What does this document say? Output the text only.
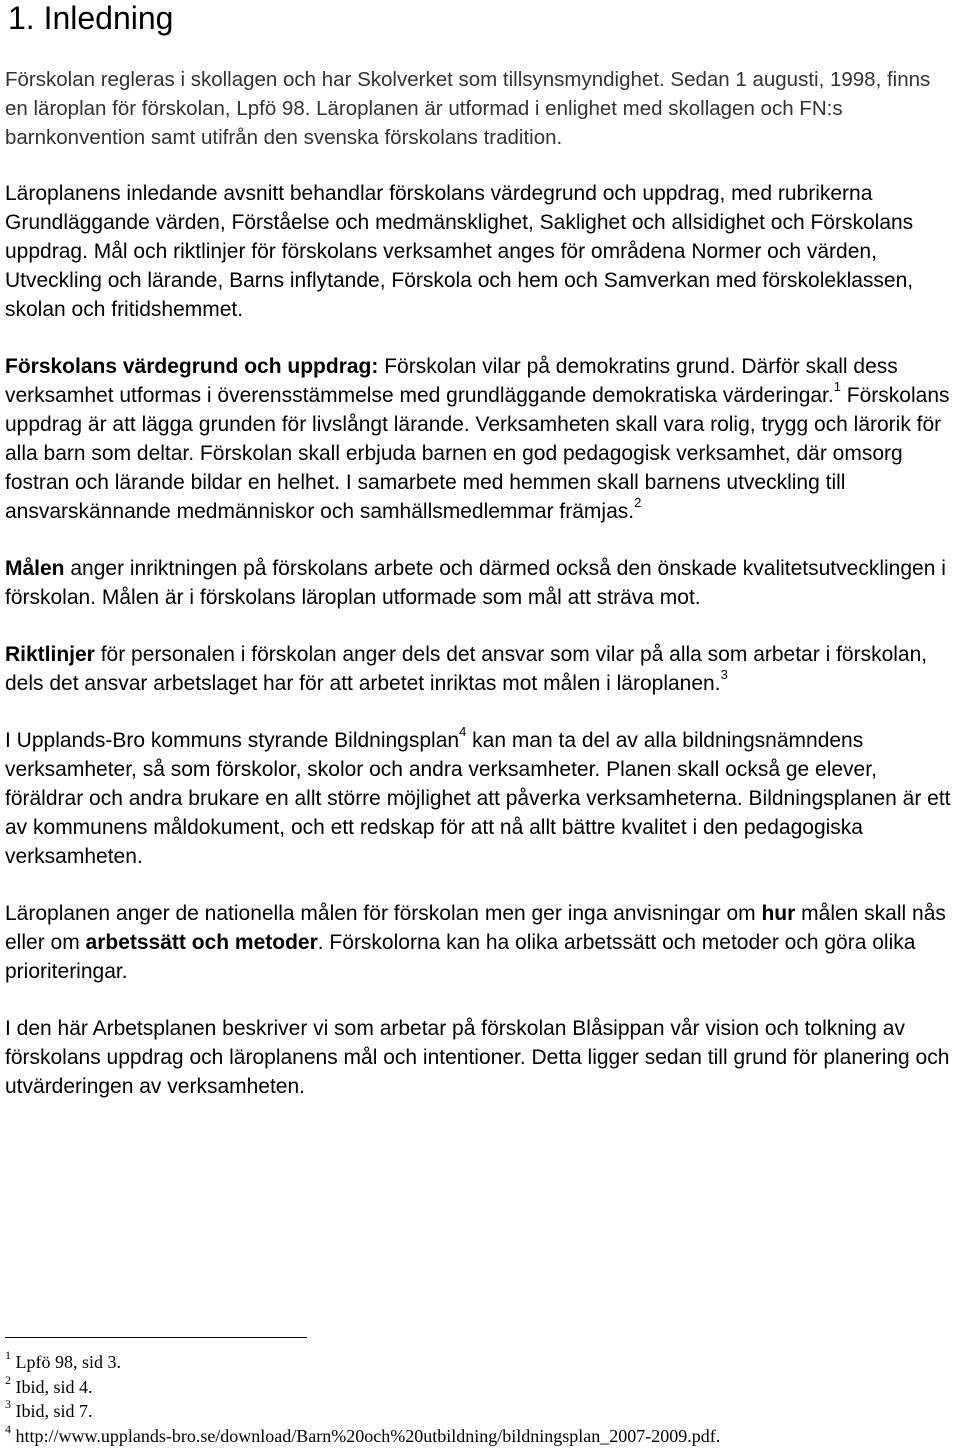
1. Inledning

Förskolan regleras i skollagen och har Skolverket som tillsynsmyndighet. Sedan 1 augusti, 1998, finns en läroplan för förskolan, Lpfö 98. Läroplanen är utformad i enlighet med skollagen och FN:s barnkonvention samt utifrån den svenska förskolans tradition.

Läroplanens inledande avsnitt behandlar förskolans värdegrund och uppdrag, med rubrikerna Grundläggande värden, Förståelse och medmänsklighet, Saklighet och allsidighet och Förskolans uppdrag. Mål och riktlinjer för förskolans verksamhet anges för områdena Normer och värden, Utveckling och lärande, Barns inflytande, Förskola och hem och Samverkan med förskoleklassen, skolan och fritidshemmet.

Förskolans värdegrund och uppdrag: Förskolan vilar på demokratins grund. Därför skall dess verksamhet utformas i överensstämmelse med grundläggande demokratiska värderingar.$^1$ Förskolans uppdrag är att lägga grunden för livslångt lärande. Verksamheten skall vara rolig, trygg och lärorik för alla barn som deltar. Förskolan skall erbjuda barnen en god pedagogisk verksamhet, där omsorg fostran och lärande bildar en helhet. I samarbete med hemmen skall barnens utveckling till ansvarskännande medmänniskor och samhällsmedlemmar främjas.$^2$

Målen anger inriktningen på förskolans arbete och därmed också den önskade kvalitetsutvecklingen i förskolan. Målen är i förskolans läroplan utformade som mål att sträva mot.

Riktlinjer för personalen i förskolan anger dels det ansvar som vilar på alla som arbetar i förskolan, dels det ansvar arbetslaget har för att arbetet inriktas mot målen i läroplanen.$^3$

I Upplands-Bro kommuns styrande Bildningsplan$^4$ kan man ta del av alla bildningsnämndens verksamheter, så som förskolor, skolor och andra verksamheter. Planen skall också ge elever, föräldrar och andra brukare en allt större möjlighet att påverka verksamheterna. Bildningsplanen är ett av kommunens måldokument, och ett redskap för att nå allt bättre kvalitet i den pedagogiska verksamheten.

Läroplanen anger de nationella målen för förskolan men ger inga anvisningar om hur målen skall nås eller om arbetssätt och metoder. Förskolorna kan ha olika arbetssätt och metoder och göra olika prioriteringar.

I den här Arbetsplanen beskriver vi som arbetar på förskolan Blåsippan vår vision och tolkning av förskolans uppdrag och läroplanens mål och intentioner. Detta ligger sedan till grund för planering och utvärderingen av verksamheten.

$^1$ Lpfö 98, sid 3.

$^2$ Ibid, sid 4.

$^3$ Ibid, sid 7.

$^4$ http://www.upplands-bro.se/download/Barn%20och%20utbildning/bildningsplan_2007-2009.pdf.
